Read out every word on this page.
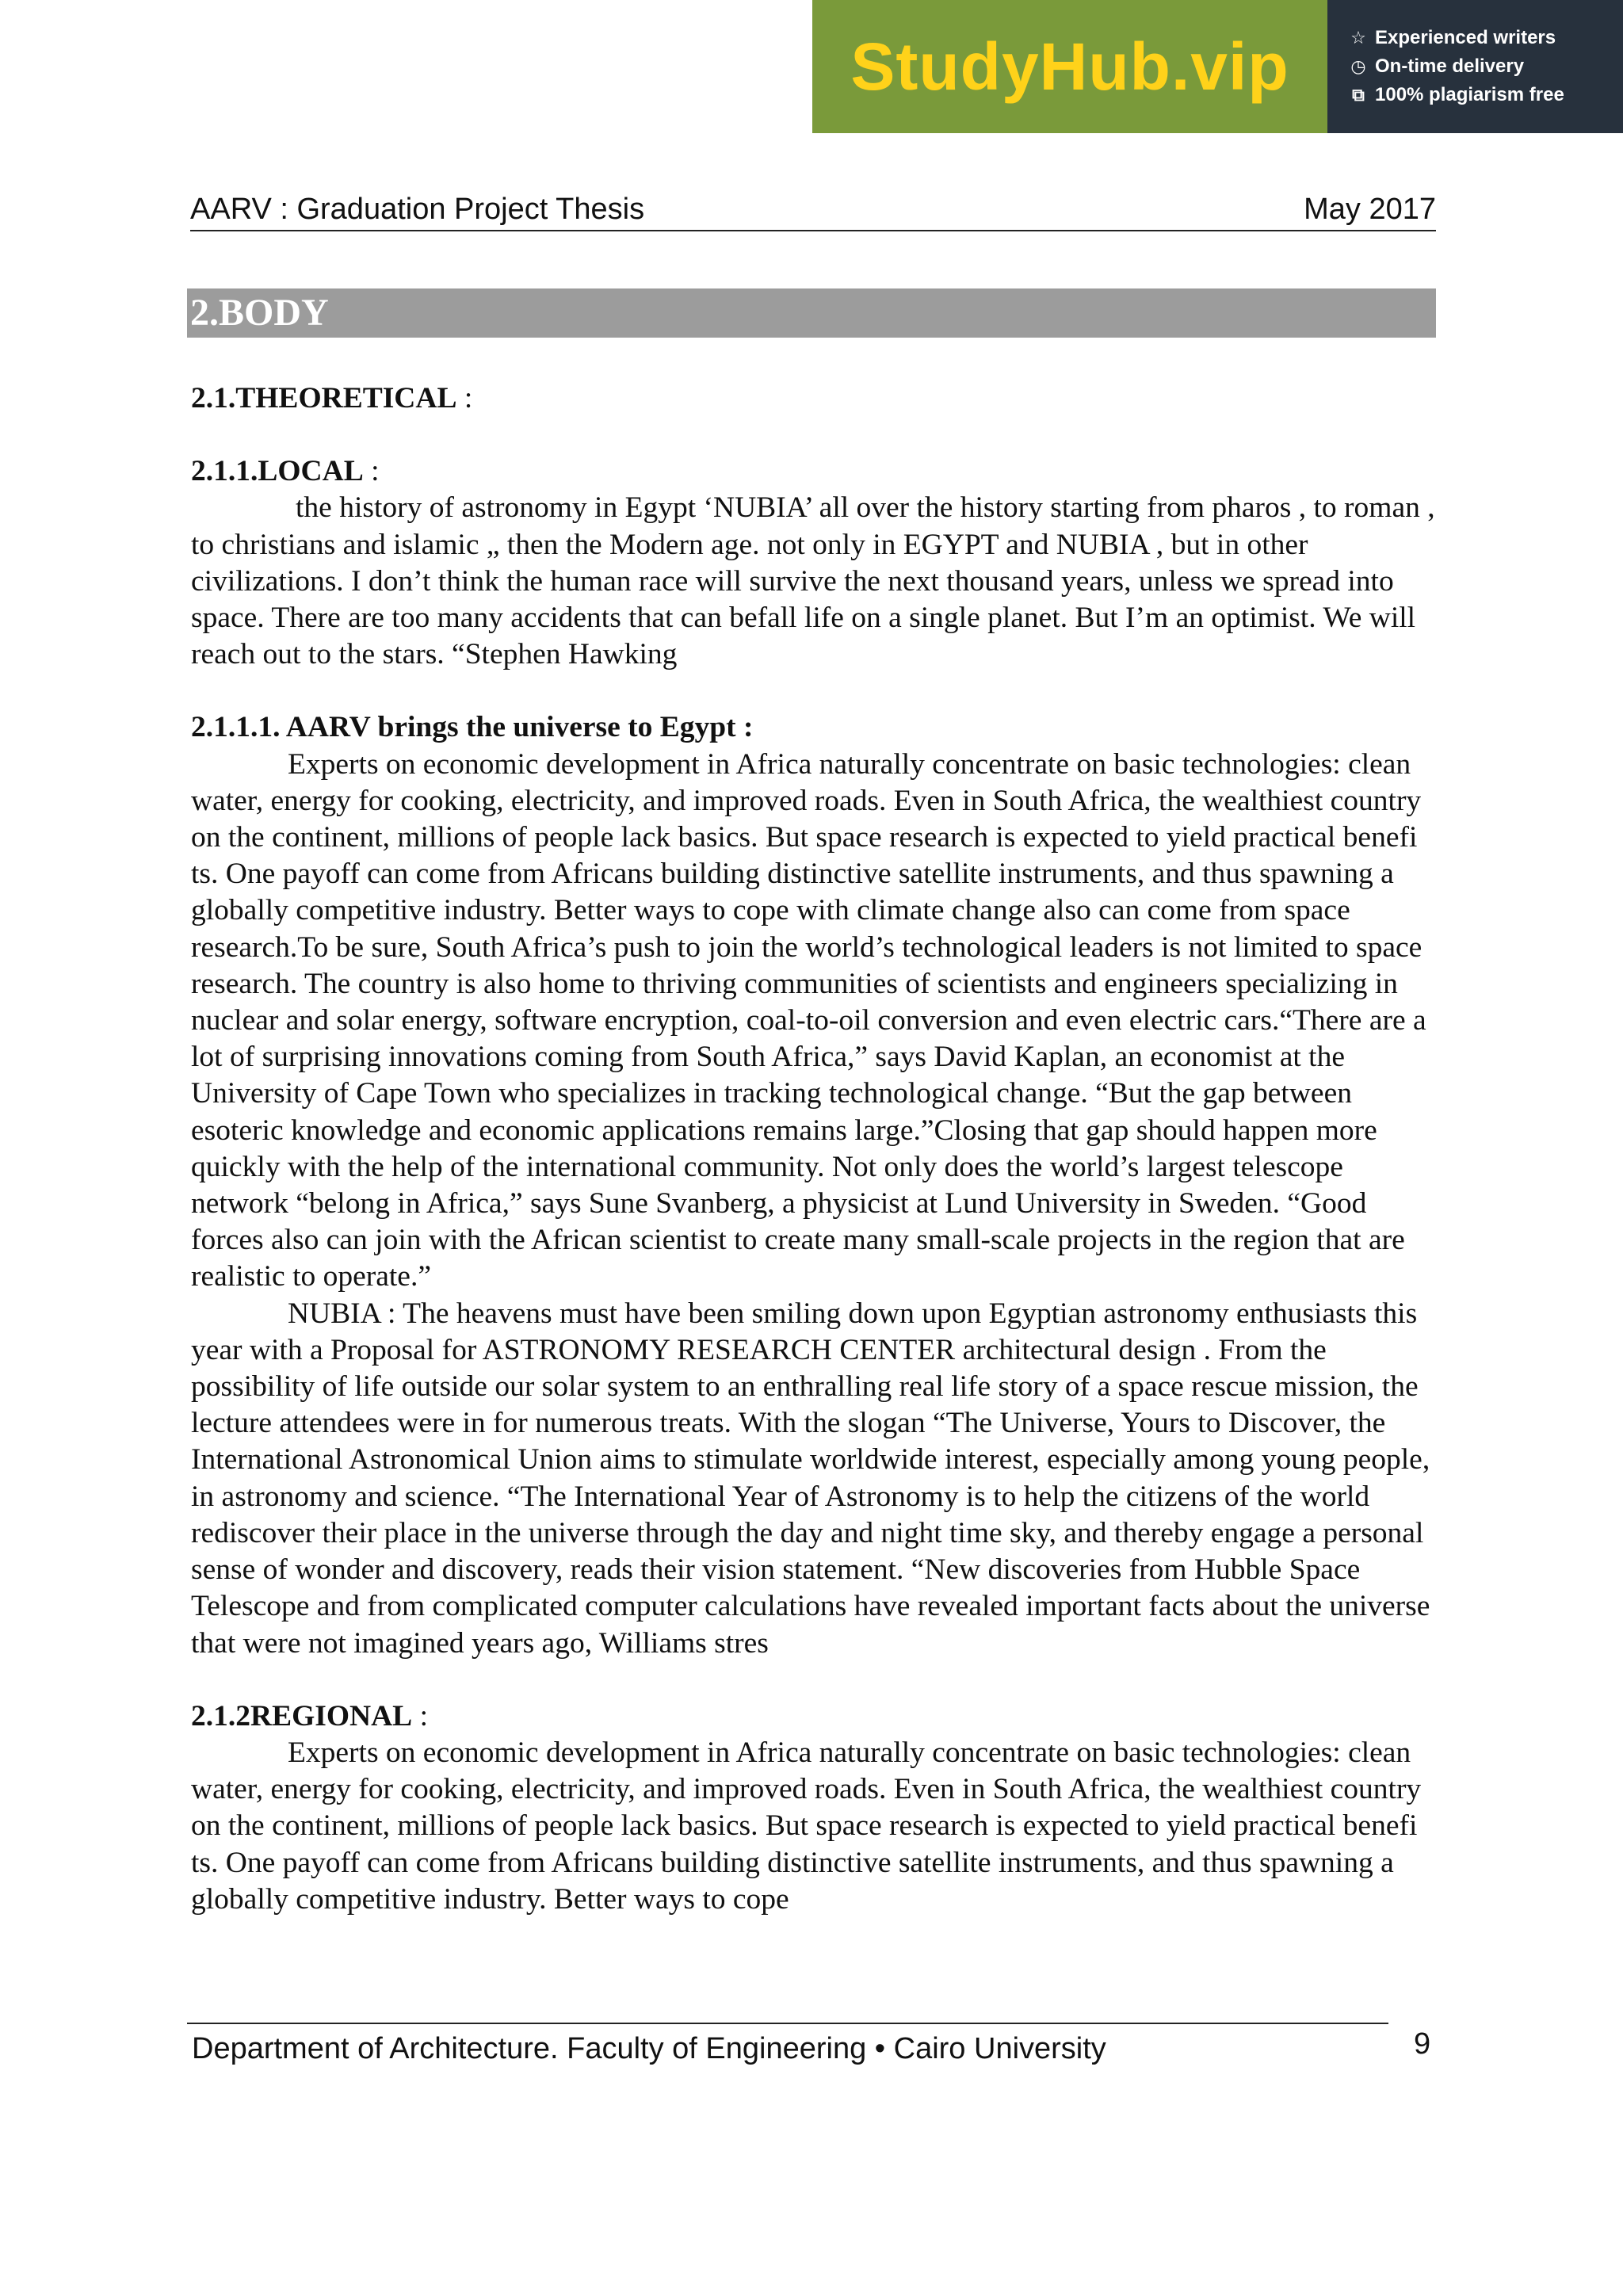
StudyHub.vip	☆ Experienced writers
◷ On-time delivery
⧉ 100% plagiarism free
AARV : Graduation Project Thesis	May 2017
2.BODY
2.1.THEORETICAL :
2.1.1.LOCAL :

the history of astronomy in Egypt ‘NUBIA’ all over the history starting from pharos , to roman , to christians and islamic „ then the Modern age. not only in EGYPT and NUBIA , but in other civilizations. I don’t think the human race will survive the next thousand years, unless we spread into space. There are too many accidents that can befall life on a single planet. But I’m an optimist. We will reach out to the stars. “Stephen Hawking

2.1.1.1. AARV brings the universe to Egypt :

Experts on economic development in Africa naturally concentrate on basic technologies: clean water, energy for cooking, electricity, and improved roads. Even in South Africa, the wealthiest country on the continent, millions of people lack basics. But space research is expected to yield practical benefi ts. One payoff can come from Africans building distinctive satellite instruments, and thus spawning a globally competitive industry. Better ways to cope with climate change also can come from space research.To be sure, South Africa’s push to join the world’s technological leaders is not limited to space research. The country is also home to thriving communities of scientists and engineers specializing in nuclear and solar energy, software encryption, coal-to-oil conversion and even electric cars.“There are a lot of surprising innovations coming from South Africa,” says David Kaplan, an economist at the University of Cape Town who specializes in tracking technological change. “But the gap between esoteric knowledge and economic applications remains large.”Closing that gap should happen more quickly with the help of the international community. Not only does the world’s largest telescope network “belong in Africa,” says Sune Svanberg, a physicist at Lund University in Sweden. “Good forces also can join with the African scientist to create many small-scale projects in the region that are realistic to operate.”

NUBIA : The heavens must have been smiling down upon Egyptian astronomy enthusiasts this year with a Proposal for ASTRONOMY RESEARCH CENTER architectural design . From the possibility of life outside our solar system to an enthralling real life story of a space rescue mission, the lecture attendees were in for numerous treats. With the slogan “The Universe, Yours to Discover, the International Astronomical Union aims to stimulate worldwide interest, especially among young people, in astronomy and science. “The International Year of Astronomy is to help the citizens of the world rediscover their place in the universe through the day and night time sky, and thereby engage a personal sense of wonder and discovery, reads their vision statement. “New discoveries from Hubble Space Telescope and from complicated computer calculations have revealed important facts about the universe that were not imagined years ago, Williams stres

2.1.2REGIONAL :

Experts on economic development in Africa naturally concentrate on basic technologies: clean water, energy for cooking, electricity, and improved roads. Even in South Africa, the wealthiest country on the continent, millions of people lack basics. But space research is expected to yield practical benefi ts. One payoff can come from Africans building distinctive satellite instruments, and thus spawning a globally competitive industry. Better ways to cope

Department of Architecture. Faculty of Engineering • Cairo University	9
